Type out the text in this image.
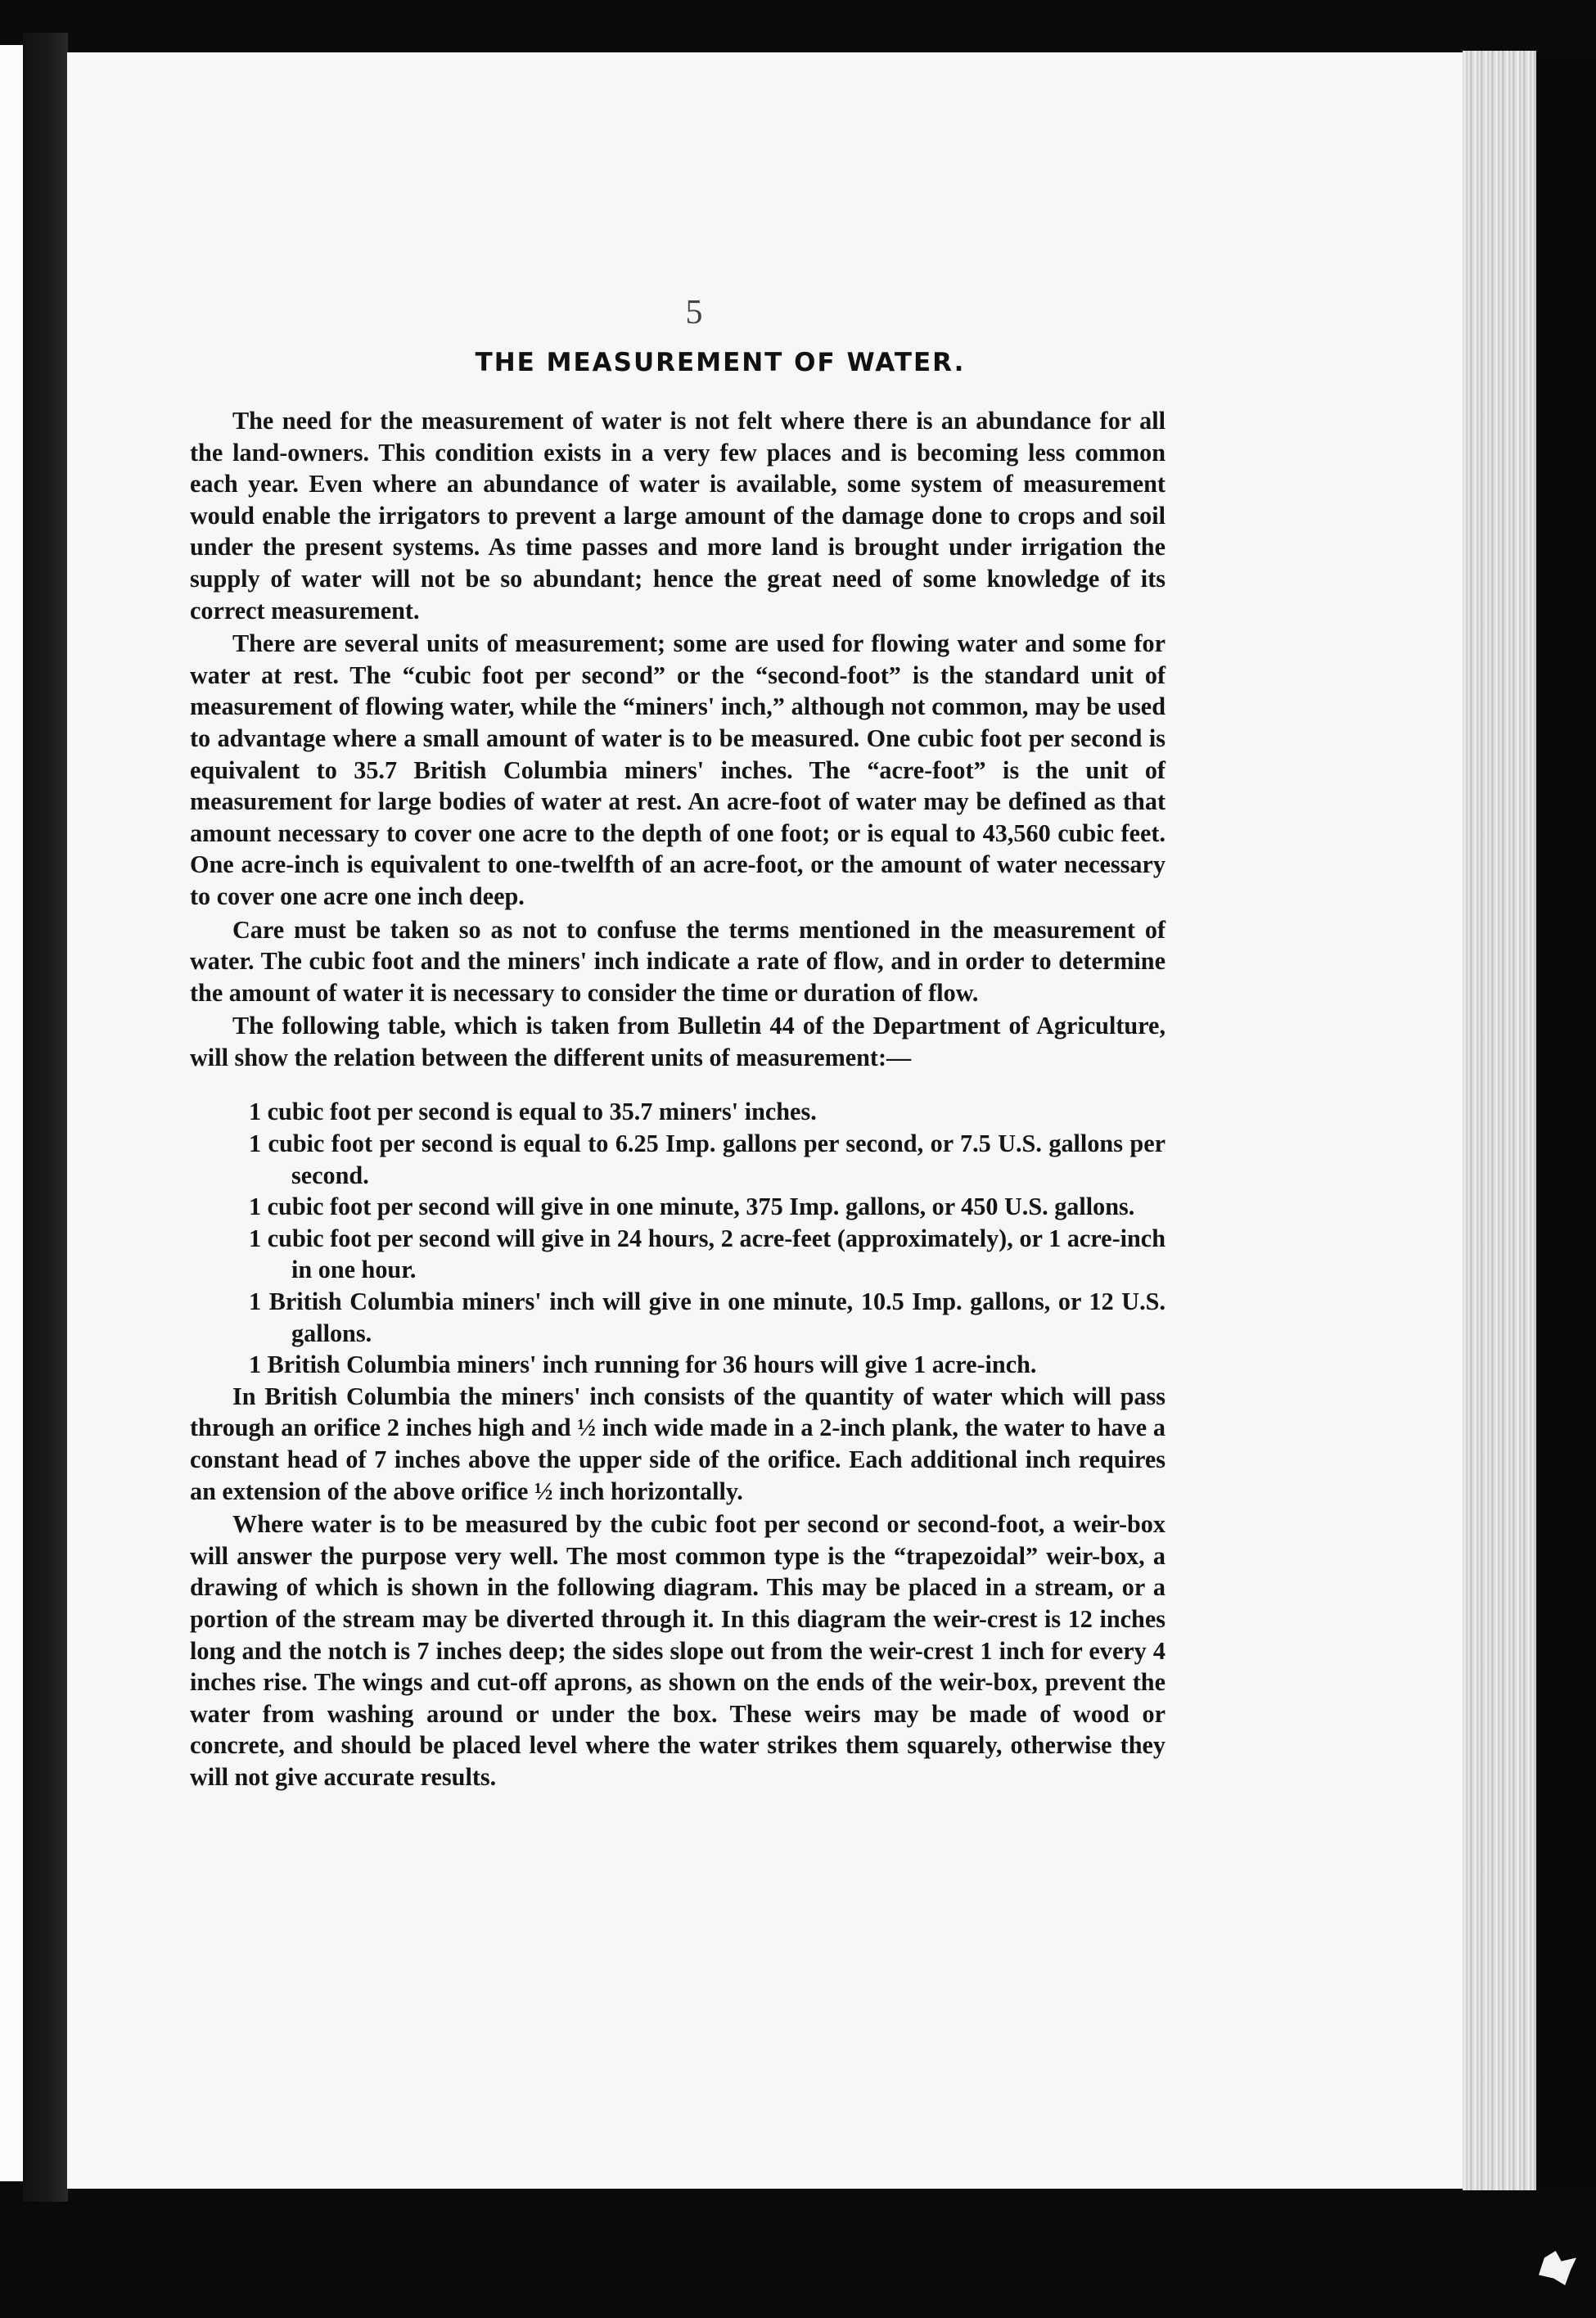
5
THE MEASUREMENT OF WATER.

The need for the measurement of water is not felt where there is an abundance for all the land-owners. This condition exists in a very few places and is becoming less common each year. Even where an abundance of water is available, some system of measurement would enable the irrigators to prevent a large amount of the damage done to crops and soil under the present systems. As time passes and more land is brought under irrigation the supply of water will not be so abundant; hence the great need of some knowledge of its correct measurement.

There are several units of measurement; some are used for flowing water and some for water at rest. The “cubic foot per second” or the “second-foot” is the standard unit of measurement of flowing water, while the “miners' inch,” although not common, may be used to advantage where a small amount of water is to be measured. One cubic foot per second is equivalent to 35.7 British Columbia miners' inches. The “acre-foot” is the unit of measurement for large bodies of water at rest. An acre-foot of water may be defined as that amount necessary to cover one acre to the depth of one foot; or is equal to 43,560 cubic feet. One acre-inch is equivalent to one-twelfth of an acre-foot, or the amount of water necessary to cover one acre one inch deep.

Care must be taken so as not to confuse the terms mentioned in the measurement of water. The cubic foot and the miners' inch indicate a rate of flow, and in order to determine the amount of water it is necessary to consider the time or duration of flow.

The following table, which is taken from Bulletin 44 of the Department of Agriculture, will show the relation between the different units of measurement:—

1 cubic foot per second is equal to 35.7 miners' inches.

1 cubic foot per second is equal to 6.25 Imp. gallons per second, or 7.5 U.S. gallons per second.

1 cubic foot per second will give in one minute, 375 Imp. gallons, or 450 U.S. gallons.

1 cubic foot per second will give in 24 hours, 2 acre-feet (approximately), or 1 acre-inch in one hour.

1 British Columbia miners' inch will give in one minute, 10.5 Imp. gallons, or 12 U.S. gallons.

1 British Columbia miners' inch running for 36 hours will give 1 acre-inch.

In British Columbia the miners' inch consists of the quantity of water which will pass through an orifice 2 inches high and ½ inch wide made in a 2-inch plank, the water to have a constant head of 7 inches above the upper side of the orifice. Each additional inch requires an extension of the above orifice ½ inch horizontally.

Where water is to be measured by the cubic foot per second or second-foot, a weir-box will answer the purpose very well. The most common type is the “trapezoidal” weir-box, a drawing of which is shown in the following diagram. This may be placed in a stream, or a portion of the stream may be diverted through it. In this diagram the weir-crest is 12 inches long and the notch is 7 inches deep; the sides slope out from the weir-crest 1 inch for every 4 inches rise. The wings and cut-off aprons, as shown on the ends of the weir-box, prevent the water from washing around or under the box. These weirs may be made of wood or concrete, and should be placed level where the water strikes them squarely, otherwise they will not give accurate results.
